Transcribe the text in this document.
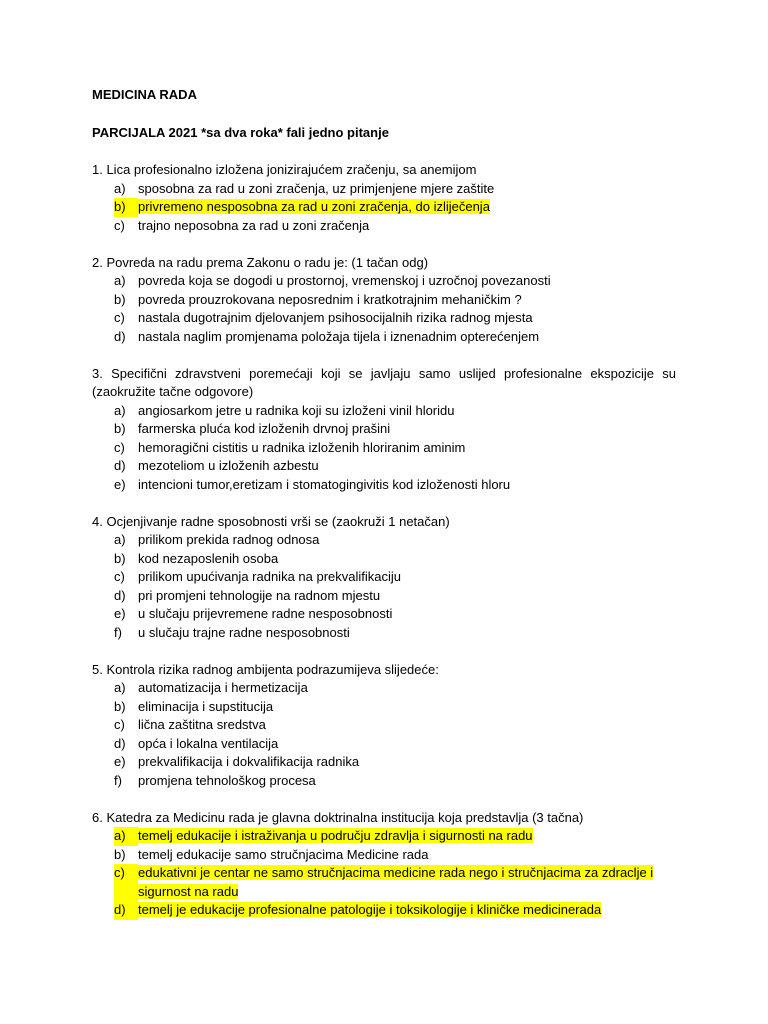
MEDICINA RADA
PARCIJALA 2021 *sa dva roka* fali jedno pitanje
1. Lica profesionalno izložena jonizirajućem zračenju, sa anemijom
a) sposobna za rad u zoni zračenja, uz primjenjene mjere zaštite
b) privremeno nesposobna za rad u zoni zračenja, do izliječenja
c)	trajno neposobna za rad u zoni zračenja
2. Povreda na radu prema Zakonu o radu je: (1 tačan odg)
a) povreda koja se dogodi u prostornoj, vremenskoj i uzročnoj povezanosti
b) povreda prouzrokovana neposrednim i kratkotrajnim mehaničkim ?
c)	nastala dugotrajnim djelovanjem psihosocijalnih rizika radnog mjesta
d) nastala naglim promjenama položaja tijela i iznenadnim opterećenjem
3. Specifični zdravstveni poremećaji koji se javljaju samo uslijed profesionalne ekspozicije su (zaokružite tačne odgovore)
a) angiosarkom jetre u radnika koji su izloženi vinil hloridu
b) farmerska pluća kod izloženih drvnoj prašini
c)	hemoragični cistitis u radnika izloženih hloriranim aminim
d) mezoteliom u izloženih azbestu
e) intencioni tumor,eretizam i stomatogingivitis kod izloženosti hloru
4. Ocjenjivanje radne sposobnosti vrši se (zaokruži 1 netačan)
a) prilikom prekida radnog odnosa
b) kod nezaposlenih osoba
c)	prilikom upućivanja radnika na prekvalifikaciju
d) pri promjeni tehnologije na radnom mjestu
e) u slučaju prijevremene radne nesposobnosti
f)	u slučaju trajne radne nesposobnosti
5. Kontrola rizika radnog ambijenta podrazumijeva slijedeće:
a) automatizacija i hermetizacija
b) eliminacija i supstitucija
c)	lična zaštitna sredstva
d) opća i lokalna ventilacija
e) prekvalifikacija i dokvalifikacija radnika
f)	promjena tehnološkog procesa
6. Katedra za Medicinu rada je glavna doktrinalna institucija koja predstavlja (3 tačna)
a) temelj edukacije i istraživanja u području zdravlja i sigurnosti na radu
b) temelj edukacije samo stručnjacima Medicine rada
c)	edukativni je centar ne samo stručnjacima medicine rada nego i stručnjacima za zdraclje i sigurnost na radu
d) temelj je edukacije profesionalne patologije i toksikologije i kliničke medicinerada
